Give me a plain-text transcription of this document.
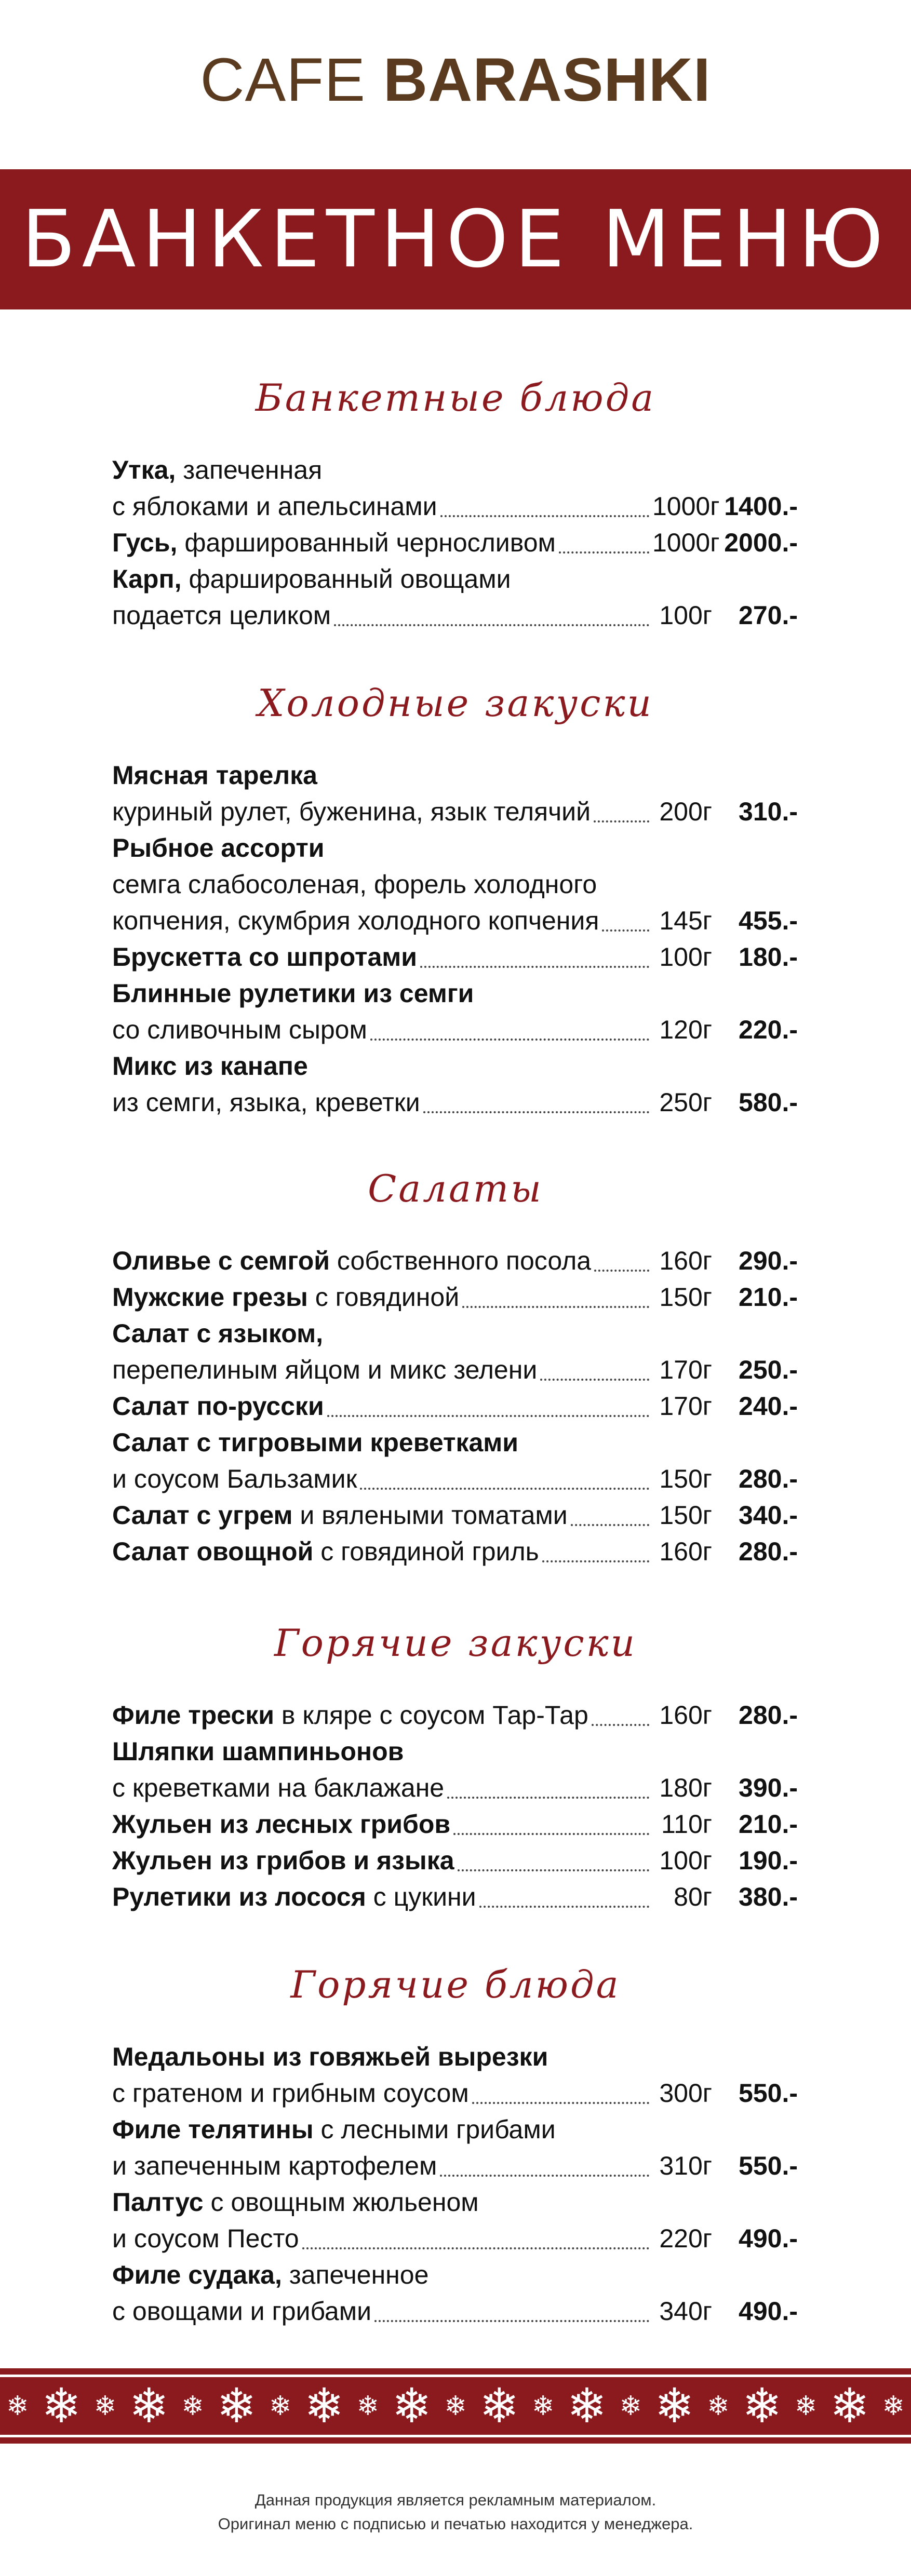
CAFE BARASHKI
БАНКЕТНОЕ МЕНЮ
Банкетные блюда
Утка, запеченная
с яблоками и апельсинами	1000г 1400.-
Гусь, фаршированный черносливом	1000г 2000.-
Карп, фаршированный овощами
подается целиком	100г	270.-
Холодные закуски
Мясная тарелка
куриный рулет, буженина, язык телячий	200г	310.-
Рыбное ассорти
семга слабосоленая, форель холодного
копчения, скумбрия холодного копчения 145г	455.-
Брускетта со шпротами	100г	180.-
Блинные рулетики из семги
со сливочным сыром	120г	220.-
Микс из канапе
из семги, языка, креветки	250г	580.-
Салаты
Оливье с семгой собственного посола	160г	290.-
Мужские грезы с говядиной	150г	210.-
Салат с языком,
перепелиным яйцом и микс зелени	170г	250.-
Салат по-русски	170г	240.-
Салат с тигровыми креветками
и соусом Бальзамик	150г	280.-
Салат с угрем и вялеными томатами	150г	340.-
Салат овощной с говядиной гриль	160г	280.-
Горячие закуски
Филе трески в кляре с соусом Тар-Тар	160г	280.-
Шляпки шампиньонов
с креветками на баклажане	180г	390.-
Жульен из лесных грибов	110г	210.-
Жульен из грибов и языка	100г	190.-
Рулетики из лосося с цукини	80г	380.-
Горячие блюда
Медальоны из говяжьей вырезки
с гратеном и грибным соусом	300г	550.-
Филе телятины с лесными грибами
и запеченным картофелем	310г	550.-
Палтус с овощным жюльеном
и соусом Песто	220г	490.-
Филе судака, запеченное
с овощами и грибами	340г	490.-
❄ ❄ ❄ ❄ ❄ ❄ ❄ ❄ ❄ ❄ ❄ ❄ ❄ ❄ ❄ ❄ ❄ ❄ ❄ ❄ ❄
Данная продукция является рекламным материалом.
Оригинал меню с подписью и печатью находится у менеджера.
